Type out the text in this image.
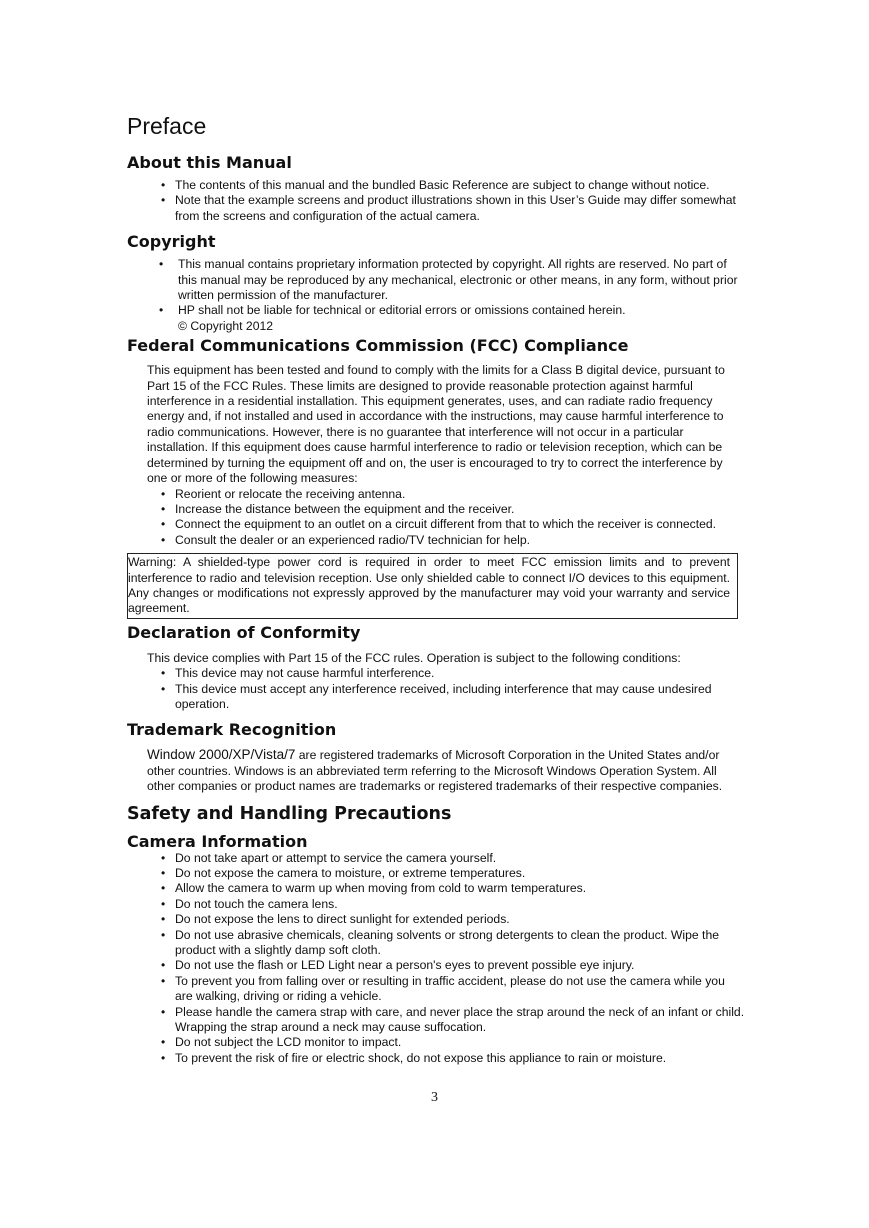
Preface
About this Manual
• The contents of this manual and the bundled Basic Reference are subject to change without notice.
• Note that the example screens and product illustrations shown in this User’s Guide may differ somewhat from the screens and configuration of the actual camera.
Copyright
• This manual contains proprietary information protected by copyright. All rights are reserved. No part of this manual may be reproduced by any mechanical, electronic or other means, in any form, without prior written permission of the manufacturer.
• HP shall not be liable for technical or editorial errors or omissions contained herein.
© Copyright 2012
Federal Communications Commission (FCC) Compliance
This equipment has been tested and found to comply with the limits for a Class B digital device, pursuant to Part 15 of the FCC Rules. These limits are designed to provide reasonable protection against harmful interference in a residential installation. This equipment generates, uses, and can radiate radio frequency energy and, if not installed and used in accordance with the instructions, may cause harmful interference to radio communications. However, there is no guarantee that interference will not occur in a particular installation. If this equipment does cause harmful interference to radio or television reception, which can be determined by turning the equipment off and on, the user is encouraged to try to correct the interference by one or more of the following measures:
• Reorient or relocate the receiving antenna.
• Increase the distance between the equipment and the receiver.
• Connect the equipment to an outlet on a circuit different from that to which the receiver is connected.
• Consult the dealer or an experienced radio/TV technician for help.
Warning: A shielded-type power cord is required in order to meet FCC emission limits and to prevent interference to radio and television reception. Use only shielded cable to connect I/O devices to this equipment. Any changes or modifications not expressly approved by the manufacturer may void your warranty and service agreement.
Declaration of Conformity
This device complies with Part 15 of the FCC rules. Operation is subject to the following conditions:
• This device may not cause harmful interference.
• This device must accept any interference received, including interference that may cause undesired operation.
Trademark Recognition
Window 2000/XP/Vista/7 are registered trademarks of Microsoft Corporation in the United States and/or other countries. Windows is an abbreviated term referring to the Microsoft Windows Operation System. All other companies or product names are trademarks or registered trademarks of their respective companies.
Safety and Handling Precautions
Camera Information
• Do not take apart or attempt to service the camera yourself.
• Do not expose the camera to moisture, or extreme temperatures.
• Allow the camera to warm up when moving from cold to warm temperatures.
• Do not touch the camera lens.
• Do not expose the lens to direct sunlight for extended periods.
• Do not use abrasive chemicals, cleaning solvents or strong detergents to clean the product. Wipe the product with a slightly damp soft cloth.
• Do not use the flash or LED Light near a person's eyes to prevent possible eye injury.
• To prevent you from falling over or resulting in traffic accident, please do not use the camera while you are walking, driving or riding a vehicle.
• Please handle the camera strap with care, and never place the strap around the neck of an infant or child. Wrapping the strap around a neck may cause suffocation.
• Do not subject the LCD monitor to impact.
• To prevent the risk of fire or electric shock, do not expose this appliance to rain or moisture.
3
